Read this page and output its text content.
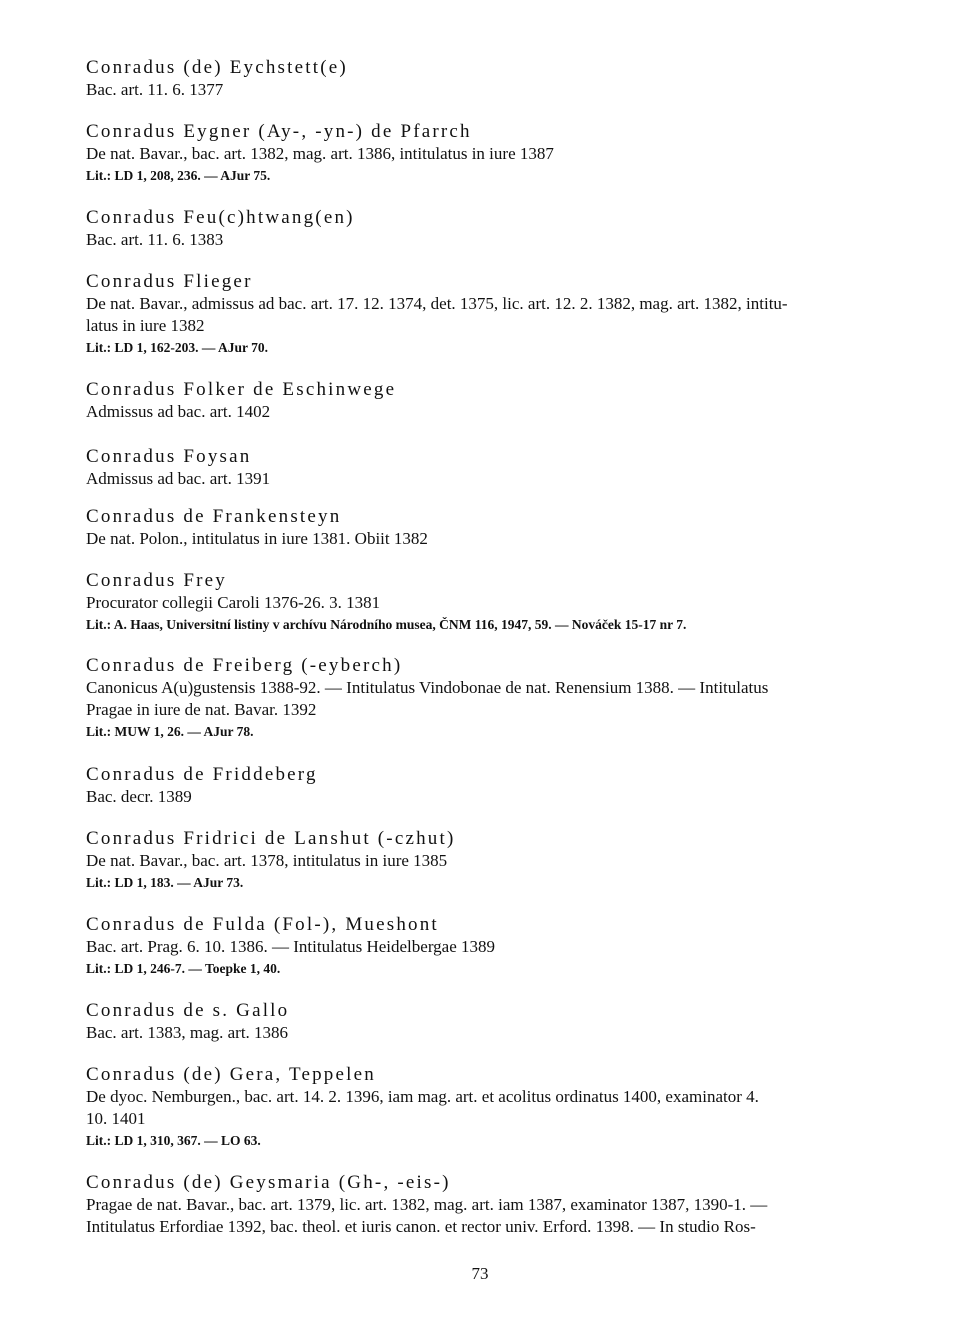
Conradus (de) Eychstett(e)

Bac. art. 11. 6. 1377

Conradus Eygner (Ay-, -yn-) de Pfarrch

De nat. Bavar., bac. art. 1382, mag. art. 1386, intitulatus in iure 1387

Lit.: LD 1, 208, 236. — AJur 75.

Conradus Feu(c)htwang(en)

Bac. art. 11. 6. 1383

Conradus Flieger

De nat. Bavar., admissus ad bac. art. 17. 12. 1374, det. 1375, lic. art. 12. 2. 1382, mag. art. 1382, intitu-

latus in iure 1382

Lit.: LD 1, 162-203. — AJur 70.

Conradus Folker de Eschinwege

Admissus ad bac. art. 1402

Conradus Foysan

Admissus ad bac. art. 1391

Conradus de Frankensteyn

De nat. Polon., intitulatus in iure 1381. Obiit 1382

Conradus Frey

Procurator collegii Caroli 1376-26. 3. 1381

Lit.: A. Haas, Universitní listiny v archívu Národního musea, ČNM 116, 1947, 59. — Nováček 15-17 nr 7.

Conradus de Freiberg (-eyberch)

Canonicus A(u)gustensis 1388-92. — Intitulatus Vindobonae de nat. Renensium 1388. — Intitulatus

Pragae in iure de nat. Bavar. 1392

Lit.: MUW 1, 26. — AJur 78.

Conradus de Friddeberg

Bac. decr. 1389

Conradus Fridrici de Lanshut (-czhut)

De nat. Bavar., bac. art. 1378, intitulatus in iure 1385

Lit.: LD 1, 183. — AJur 73.

Conradus de Fulda (Fol-), Mueshont

Bac. art. Prag. 6. 10. 1386. — Intitulatus Heidelbergae 1389

Lit.: LD 1, 246-7. — Toepke 1, 40.

Conradus de s. Gallo

Bac. art. 1383, mag. art. 1386

Conradus (de) Gera, Teppelen

De dyoc. Nemburgen., bac. art. 14. 2. 1396, iam mag. art. et acolitus ordinatus 1400, examinator 4.

10. 1401

Lit.: LD 1, 310, 367. — LO 63.

Conradus (de) Geysmaria (Gh-, -eis-)

Pragae de nat. Bavar., bac. art. 1379, lic. art. 1382, mag. art. iam 1387, examinator 1387, 1390-1. —

Intitulatus Erfordiae 1392, bac. theol. et iuris canon. et rector univ. Erford. 1398. — In studio Ros-

73
